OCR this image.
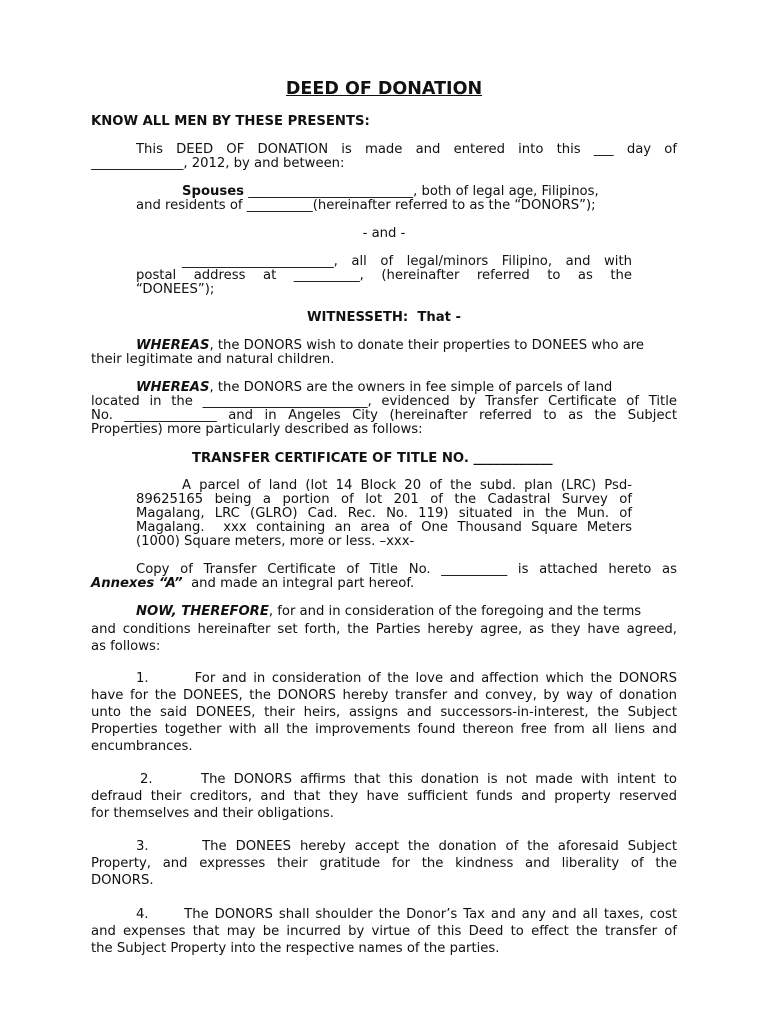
DEED OF DONATION
KNOW ALL MEN BY THESE PRESENTS:
This DEED OF DONATION is made and entered into this ___ day of
______________, 2012, by and between:
Spouses _________________________, both of legal age, Filipinos,
and residents of __________(hereinafter referred to as the “DONORS”);
- and -
_______________________, all of legal/minors Filipino, and with
postal address at __________, (hereinafter referred to as the
“DONEES”);
WITNESSETH:  That -
WHEREAS, the DONORS wish to donate their properties to DONEES who are
their legitimate and natural children.
WHEREAS, the DONORS are the owners in fee simple of parcels of land
located in the _________________________, evidenced by Transfer Certificate of Title
No. ______________ and in Angeles City (hereinafter referred to as the Subject
Properties) more particularly described as follows:
TRANSFER CERTIFICATE OF TITLE NO. ____________
A parcel of land (lot 14 Block 20 of the subd. plan (LRC) Psd-
89625165 being a portion of lot 201 of the Cadastral Survey of
Magalang, LRC (GLRO) Cad. Rec. No. 119) situated in the Mun. of
Magalang.  xxx containing an area of One Thousand Square Meters
(1000) Square meters, more or less. –xxx-
Copy of Transfer Certificate of Title No. __________ is attached hereto as
Annexes “A”  and made an integral part hereof.
NOW, THEREFORE, for and in consideration of the foregoing and the terms
and conditions hereinafter set forth, the Parties hereby agree, as they have agreed,
as follows:
1.       For and in consideration of the love and affection which the DONORS
have for the DONEES, the DONORS hereby transfer and convey, by way of donation
unto the said DONEES, their heirs, assigns and successors-in-interest, the Subject
Properties together with all the improvements found thereon free from all liens and
encumbrances.
2.      The DONORS affirms that this donation is not made with intent to
defraud their creditors, and that they have sufficient funds and property reserved
for themselves and their obligations.
3.      The DONEES hereby accept the donation of the aforesaid Subject
Property, and expresses their gratitude for the kindness and liberality of the
DONORS.
4.      The DONORS shall shoulder the Donor’s Tax and any and all taxes, cost
and expenses that may be incurred by virtue of this Deed to effect the transfer of
the Subject Property into the respective names of the parties.
